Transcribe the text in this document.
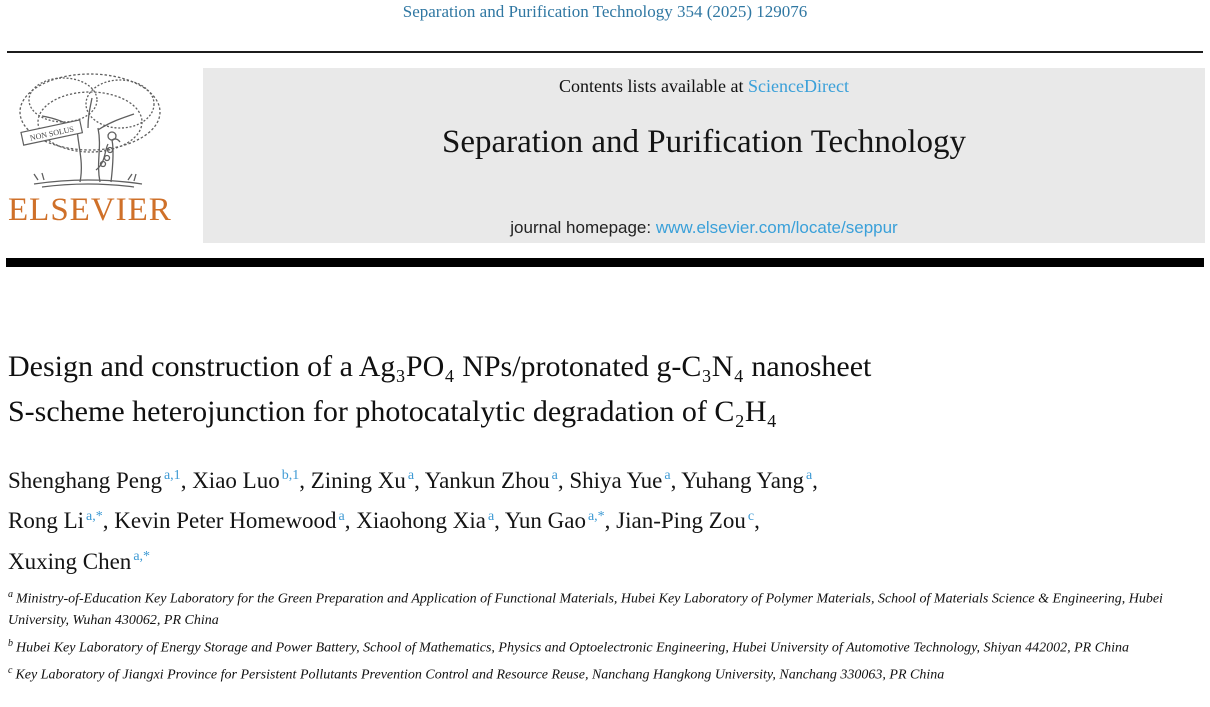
Separation and Purification Technology 354 (2025) 129076
NON SOLUS
ELSEVIER
Contents lists available at ScienceDirect
Separation and Purification Technology
journal homepage: www.elsevier.com/locate/seppur
Design and construction of a Ag₃PO₄ NPs/protonated g-C₃N₄ nanosheet
S-scheme heterojunction for photocatalytic degradation of C₂H₄
Shenghang Peng $^{a,1}$, Xiao Luo $^{b,1}$, Zining Xu $^a$, Yankun Zhou $^a$, Shiya Yue $^a$, Yuhang Yang $^a$,
Rong Li $^{a,*}$, Kevin Peter Homewood $^a$, Xiaohong Xia $^a$, Yun Gao $^{a,*}$, Jian-Ping Zou $^c$,
Xuxing Chen $^{a,*}$

$^a$ Ministry-of-Education Key Laboratory for the Green Preparation and Application of Functional Materials, Hubei Key Laboratory of Polymer Materials, School of Materials Science & Engineering, Hubei University, Wuhan 430062, PR China

$^b$ Hubei Key Laboratory of Energy Storage and Power Battery, School of Mathematics, Physics and Optoelectronic Engineering, Hubei University of Automotive Technology, Shiyan 442002, PR China

$^c$ Key Laboratory of Jiangxi Province for Persistent Pollutants Prevention Control and Resource Reuse, Nanchang Hangkong University, Nanchang 330063, PR China
